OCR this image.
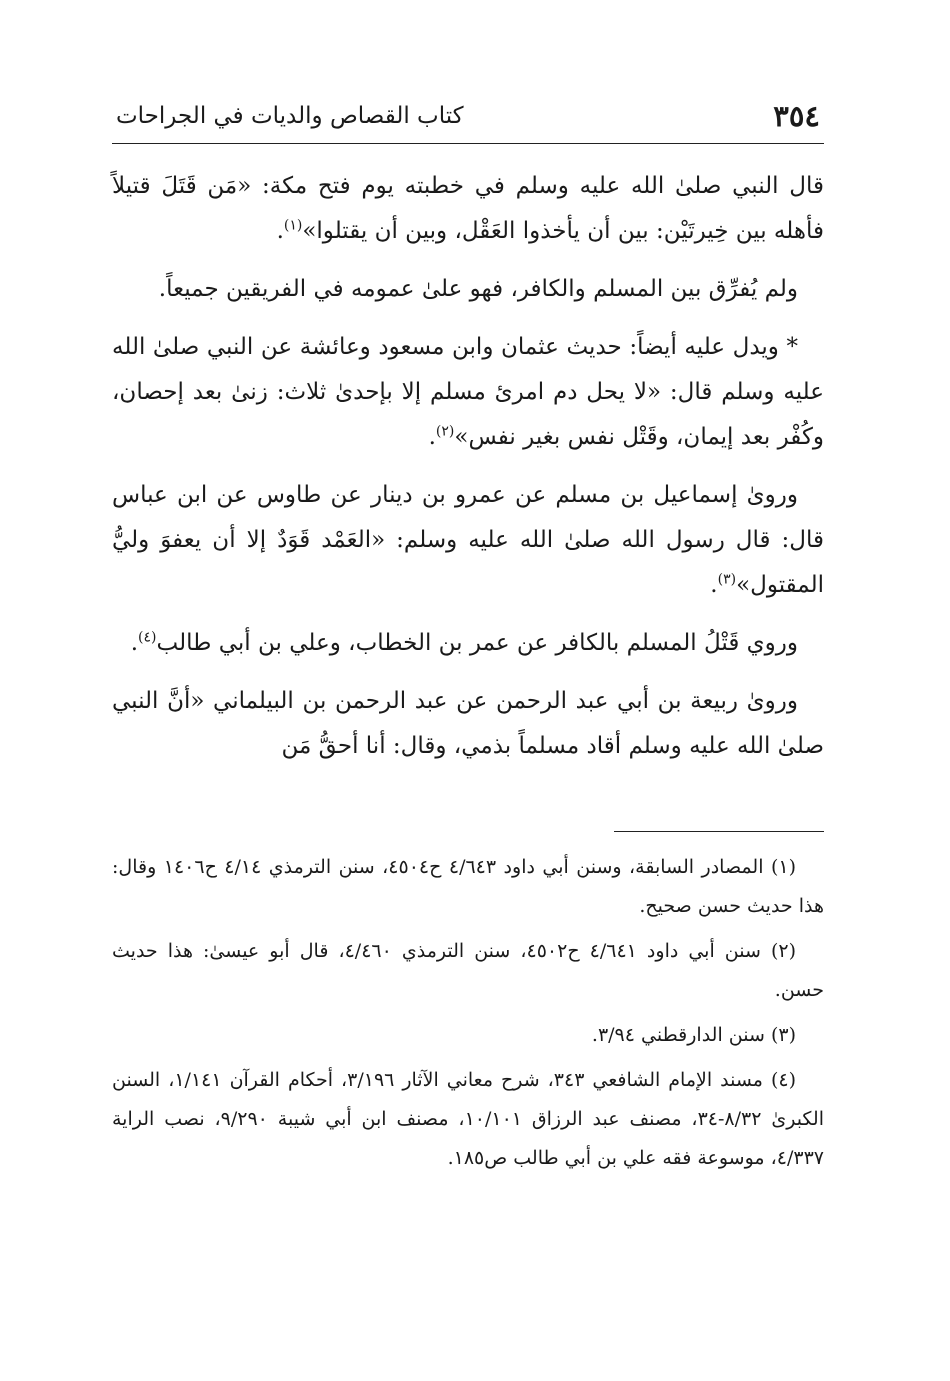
٣٥٤
كتاب القصاص والديات في الجراحات

قال النبي صلىٰ الله عليه وسلم في خطبته يوم فتح مكة: «مَن قَتَلَ قتيلاً فأهله بين خِيرتَيْن: بين أن يأخذوا العَقْل، وبين أن يقتلوا»$^{(١)}$.

ولم يُفرِّق بين المسلم والكافر، فهو علىٰ عمومه في الفريقين جميعاً.

* ويدل عليه أيضاً: حديث عثمان وابن مسعود وعائشة عن النبي صلىٰ الله عليه وسلم قال: «لا يحل دم امرئ مسلم إلا بإحدىٰ ثلاث: زنىٰ بعد إحصان، وكُفْر بعد إيمان، وقَتْل نفس بغير نفس»$^{(٢)}$.

وروىٰ إسماعيل بن مسلم عن عمرو بن دينار عن طاوس عن ابن عباس قال: قال رسول الله صلىٰ الله عليه وسلم: «العَمْد قَوَدٌ إلا أن يعفوَ وليُّ المقتول»$^{(٣)}$.

وروي قَتْلُ المسلم بالكافر عن عمر بن الخطاب، وعلي بن أبي طالب$^{(٤)}$.

وروىٰ ربيعة بن أبي عبد الرحمن عن عبد الرحمن بن البيلماني «أنَّ النبي صلىٰ الله عليه وسلم أقاد مسلماً بذمي، وقال: أنا أحقُّ مَن

(١) المصادر السابقة، وسنن أبي داود ٤/٦٤٣ ح٤٥٠٤، سنن الترمذي ٤/١٤ ح١٤٠٦ وقال: هذا حديث حسن صحيح.

(٢) سنن أبي داود ٤/٦٤١ ح٤٥٠٢، سنن الترمذي ٤/٤٦٠، قال أبو عيسىٰ: هذا حديث حسن.

(٣) سنن الدارقطني ٣/٩٤.

(٤) مسند الإمام الشافعي ٣٤٣، شرح معاني الآثار ٣/١٩٦، أحكام القرآن ١/١٤١، السنن الكبرىٰ ٨/٣٢-٣٤، مصنف عبد الرزاق ١٠/١٠١، مصنف ابن أبي شيبة ٩/٢٩٠، نصب الراية ٤/٣٣٧، موسوعة فقه علي بن أبي طالب ص١٨٥.
